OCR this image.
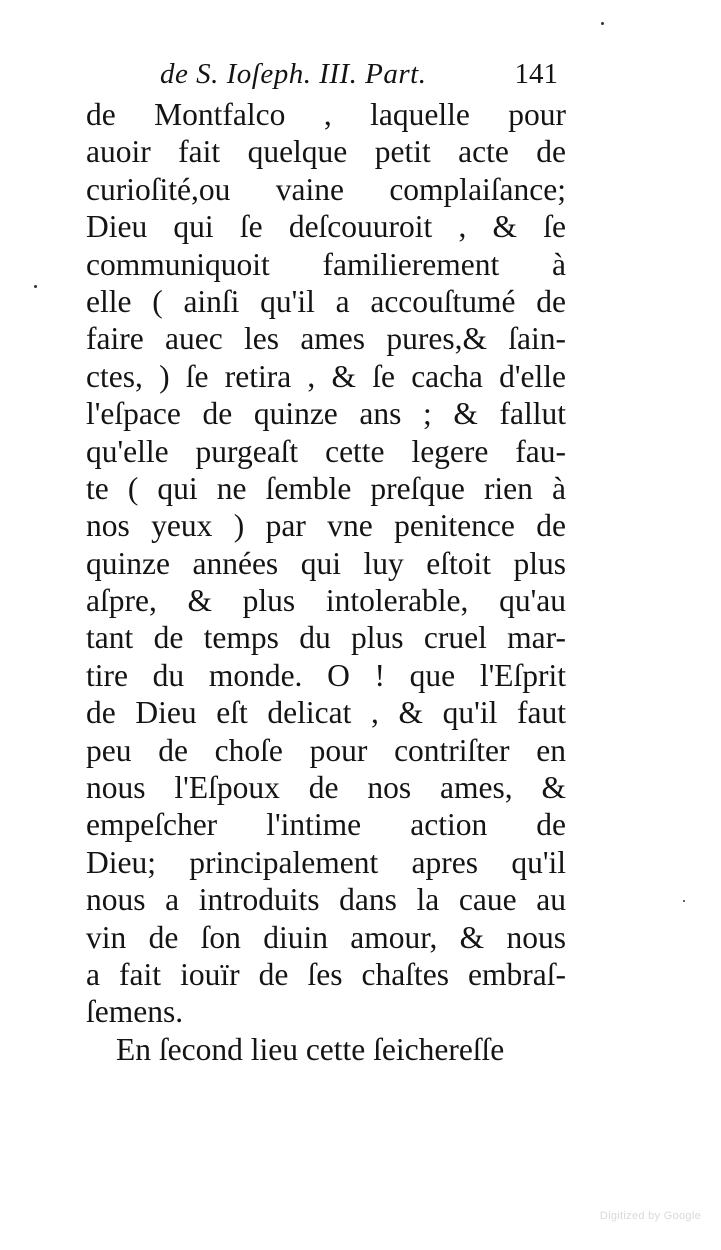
de S. Ioſeph. III. Part.	141
de Montfalco , laquelle pour
auoir fait quelque petit acte de
curioſité,ou vaine complaiſance;
Dieu qui ſe deſcouuroit , & ſe
communiquoit familierement à
elle ( ainſi qu'il a accouſtumé de
faire auec les ames pures,& ſain-
ctes, ) ſe retira , & ſe cacha d'elle
l'eſpace de quinze ans ; & fallut
qu'elle purgeaſt cette legere fau-
te ( qui ne ſemble preſque rien à
nos yeux ) par vne penitence de
quinze années qui luy eſtoit plus
aſpre, & plus intolerable, qu'au
tant de temps du plus cruel mar-
tire du monde. O ! que l'Eſprit
de Dieu eſt delicat , & qu'il faut
peu de choſe pour contriſter en
nous l'Eſpoux de nos ames, &
empeſcher l'intime action de
Dieu; principalement apres qu'il
nous a introduits dans la caue au
vin de ſon diuin amour, & nous
a fait iouïr de ſes chaſtes embraſ-
ſemens.
En ſecond lieu cette ſeichereſſe
Digitized by Google
